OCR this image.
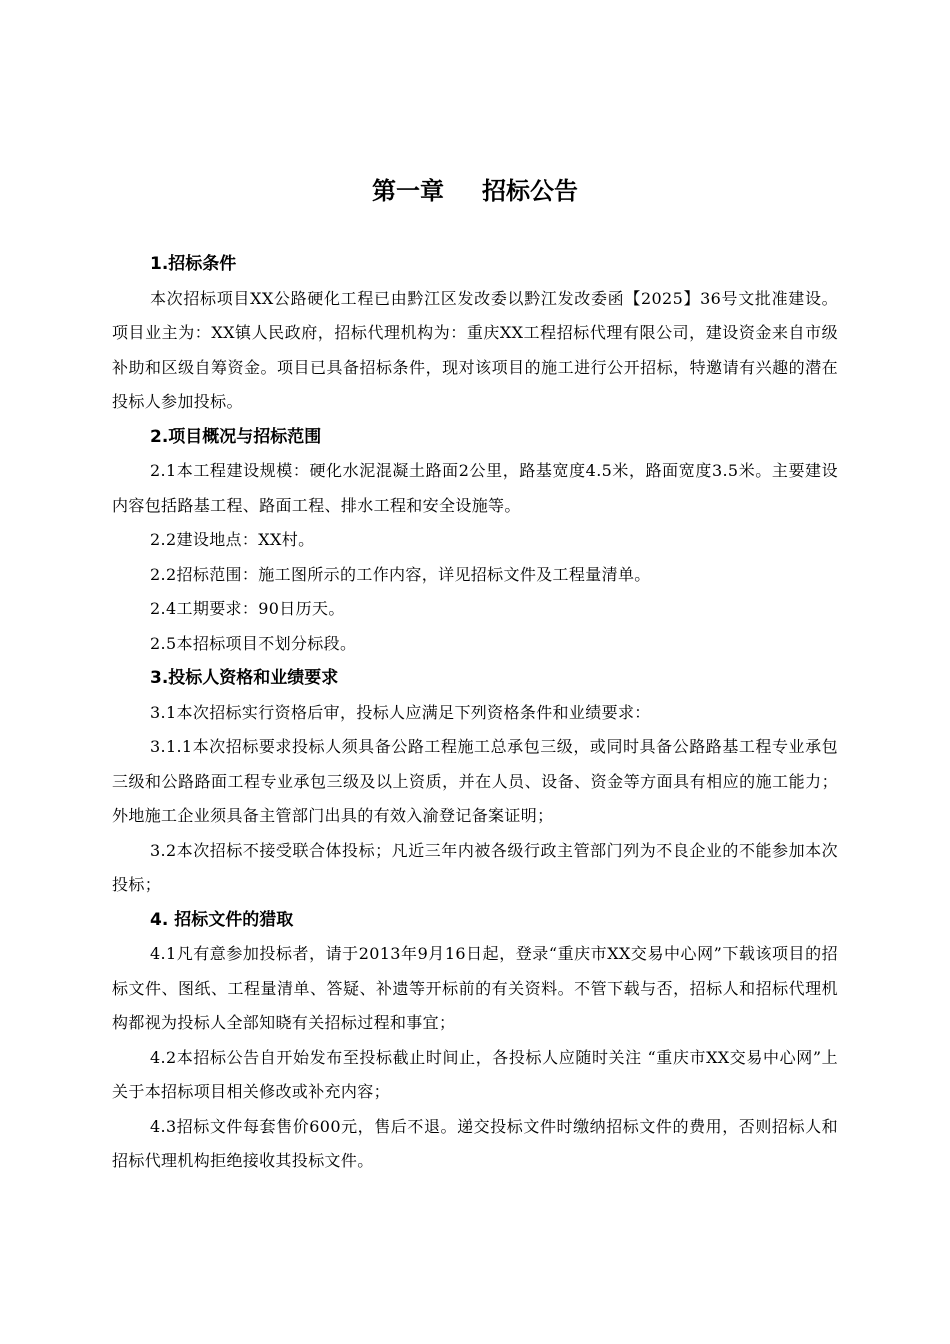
第一章 招标公告

1.招标条件

本次招标项目XX公路硬化工程已由黔江区发改委以黔江发改委函【2025】36号文批准建设。项目业主为：XX镇人民政府，招标代理机构为：重庆XX工程招标代理有限公司，建设资金来自市级补助和区级自筹资金。项目已具备招标条件，现对该项目的施工进行公开招标，特邀请有兴趣的潜在投标人参加投标。

2.项目概况与招标范围

2.1本工程建设规模：硬化水泥混凝土路面2公里，路基宽度4.5米，路面宽度3.5米。主要建设内容包括路基工程、路面工程、排水工程和安全设施等。

2.2建设地点：XX村。

2.2招标范围：施工图所示的工作内容，详见招标文件及工程量清单。

2.4工期要求：90日历天。

2.5本招标项目不划分标段。

3.投标人资格和业绩要求

3.1本次招标实行资格后审，投标人应满足下列资格条件和业绩要求：

3.1.1本次招标要求投标人须具备公路工程施工总承包三级，或同时具备公路路基工程专业承包三级和公路路面工程专业承包三级及以上资质，并在人员、设备、资金等方面具有相应的施工能力；外地施工企业须具备主管部门出具的有效入渝登记备案证明；

3.2本次招标不接受联合体投标；凡近三年内被各级行政主管部门列为不良企业的不能参加本次投标；

4. 招标文件的猎取

4.1凡有意参加投标者，请于2013年9月16日起，登录“重庆市XX交易中心网”下载该项目的招标文件、图纸、工程量清单、答疑、补遗等开标前的有关资料。不管下载与否，招标人和招标代理机构都视为投标人全部知晓有关招标过程和事宜；

4.2本招标公告自开始发布至投标截止时间止，各投标人应随时关注 “重庆市XX交易中心网”上关于本招标项目相关修改或补充内容；

4.3招标文件每套售价600元，售后不退。递交投标文件时缴纳招标文件的费用，否则招标人和招标代理机构拒绝接收其投标文件。
